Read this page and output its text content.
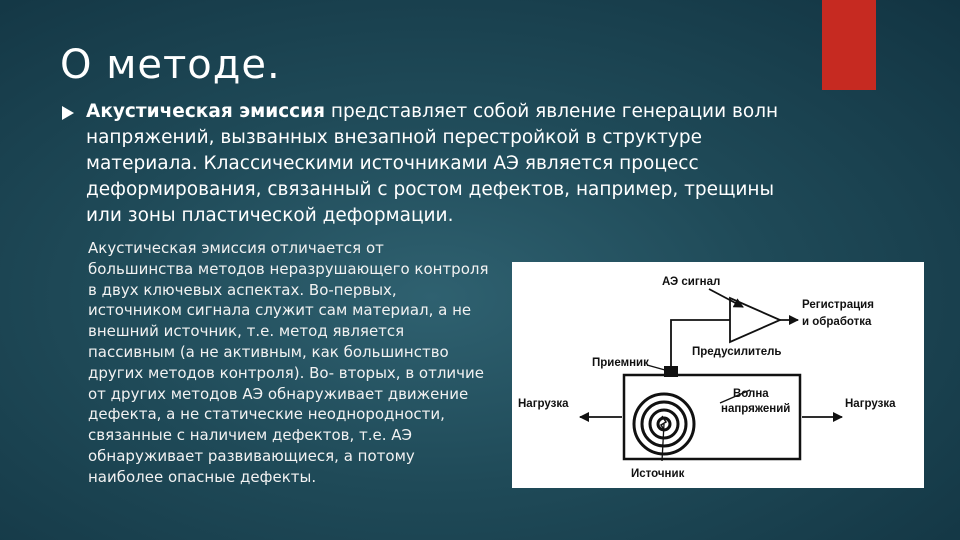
О методе.

Акустическая эмиссия представляет собой явление генерации волн напряжений, вызванных внезапной перестройкой в структуре материала. Классическими источниками АЭ является процесс деформирования, связанный с ростом дефектов, например, трещины или зоны пластической деформации.

Акустическая эмиссия отличается от большинства методов неразрушающего контроля в двух ключевых аспектах. Во-первых, источником сигнала служит сам материал, а не внешний источник, т.е. метод является пассивным (а не активным, как большинство других методов контроля). Во- вторых, в отличие от других методов АЭ обнаруживает движение дефекта, а не статические неоднородности, связанные с наличием дефектов, т.е. АЭ обнаруживает развивающиеся, а потому наиболее опасные дефекты.

АЭ сигнал
Регистрация
и обработка
Предусилитель
Приемник
Нагрузка	Нагрузка
Волна
напряжений
Источник
